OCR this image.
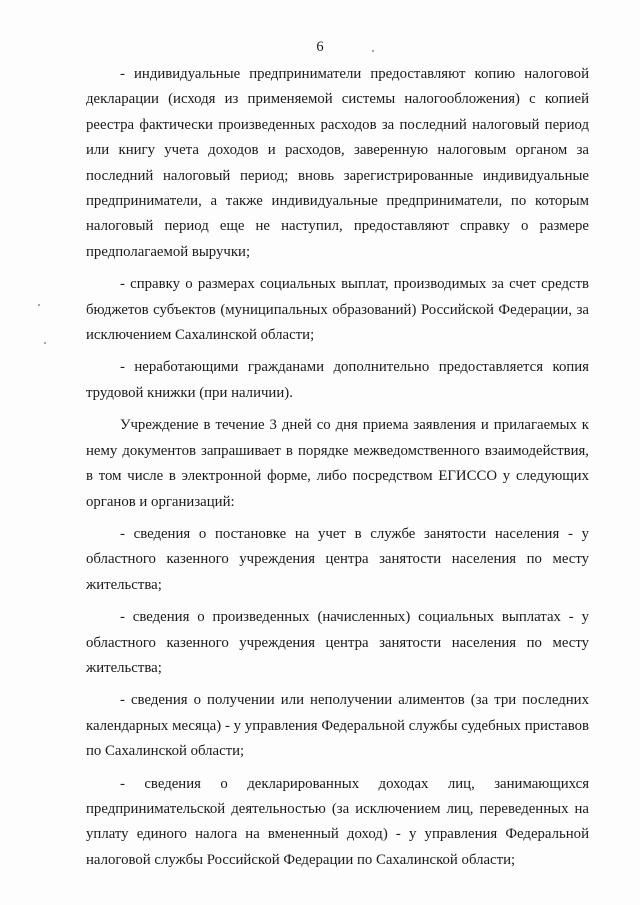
6

- индивидуальные предприниматели предоставляют копию налоговой декларации (исходя из применяемой системы налогообложения) с копией реестра фактически произведенных расходов за последний налоговый период или книгу учета доходов и расходов, заверенную налоговым органом за последний налоговый период; вновь зарегистрированные индивидуальные предприниматели, а также индивидуальные предприниматели, по которым налоговый период еще не наступил, предоставляют справку о размере предполагаемой выручки;

- справку о размерах социальных выплат, производимых за счет средств бюджетов субъектов (муниципальных образований) Российской Федерации, за исключением Сахалинской области;

- неработающими гражданами дополнительно предоставляется копия трудовой книжки (при наличии).

Учреждение в течение 3 дней со дня приема заявления и прилагаемых к нему документов запрашивает в порядке межведомственного взаимодействия, в том числе в электронной форме, либо посредством ЕГИССО у следующих органов и организаций:

- сведения о постановке на учет в службе занятости населения - у областного казенного учреждения центра занятости населения по месту жительства;

- сведения о произведенных (начисленных) социальных выплатах - у областного казенного учреждения центра занятости населения по месту жительства;

- сведения о получении или неполучении алиментов (за три последних календарных месяца) - у управления Федеральной службы судебных приставов по Сахалинской области;

- сведения о декларированных доходах лиц, занимающихся предпринимательской деятельностью (за исключением лиц, переведенных на уплату единого налога на вмененный доход) - у управления Федеральной налоговой службы Российской Федерации по Сахалинской области;
